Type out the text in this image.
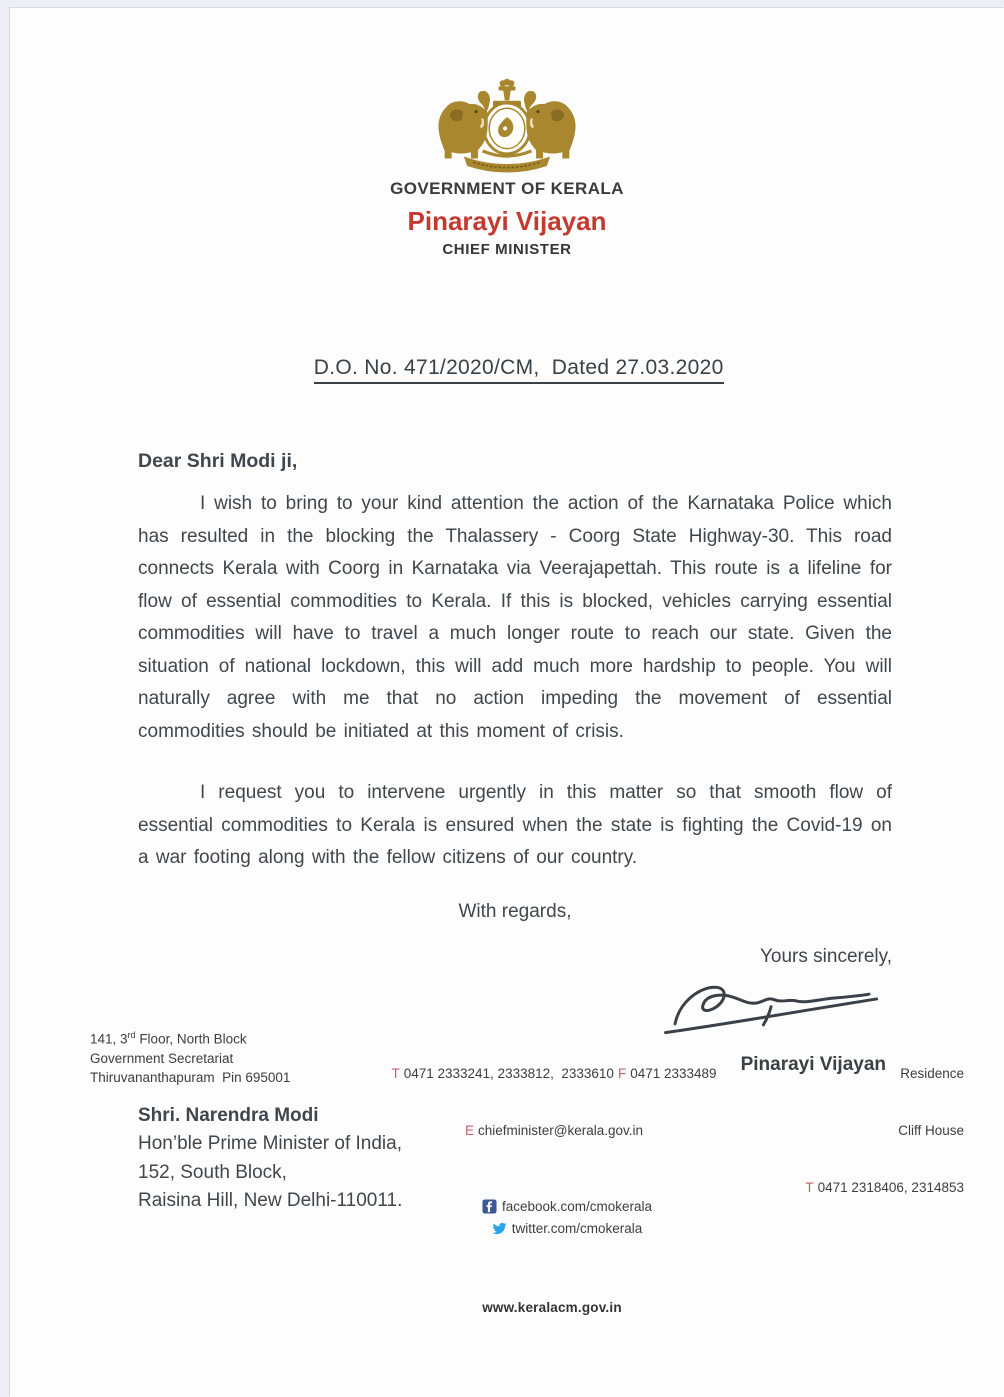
GOVERNMENT OF KERALA
Pinarayi Vijayan
CHIEF MINISTER

D.O. No. 471/2020/CM,  Dated 27.03.2020

Dear Shri Modi ji,

I wish to bring to your kind attention the action of the Karnataka Police which has resulted in the blocking the Thalassery - Coorg State Highway-30. This road connects Kerala with Coorg in Karnataka via Veerajapettah. This route is a lifeline for flow of essential commodities to Kerala. If this is blocked, vehicles carrying essential commodities will have to travel a much longer route to reach our state. Given the situation of national lockdown, this will add much more hardship to people. You will naturally agree with me that no action impeding the movement of essential commodities should be initiated at this moment of crisis.

I request you to intervene urgently in this matter so that smooth flow of essential commodities to Kerala is ensured when the state is fighting the Covid-19 on a war footing along with the fellow citizens of our country.

With regards,
Yours sincerely,
Pinarayi Vijayan
Shri. Narendra Modi
Hon’ble Prime Minister of India,
152, South Block,
Raisina Hill, New Delhi-110011.
141, 3rd Floor, North Block
Government Secretariat
Thiruvananthapuram  Pin 695001

	T 0471 2333241, 2333812,  2333610 F 0471 2333489

E chiefminister@kerala.gov.in

facebook.com/cmokerala

twitter.com/cmokerala

www.keralacm.gov.in

Residence

Cliff House

T 0471 2318406, 2314853
